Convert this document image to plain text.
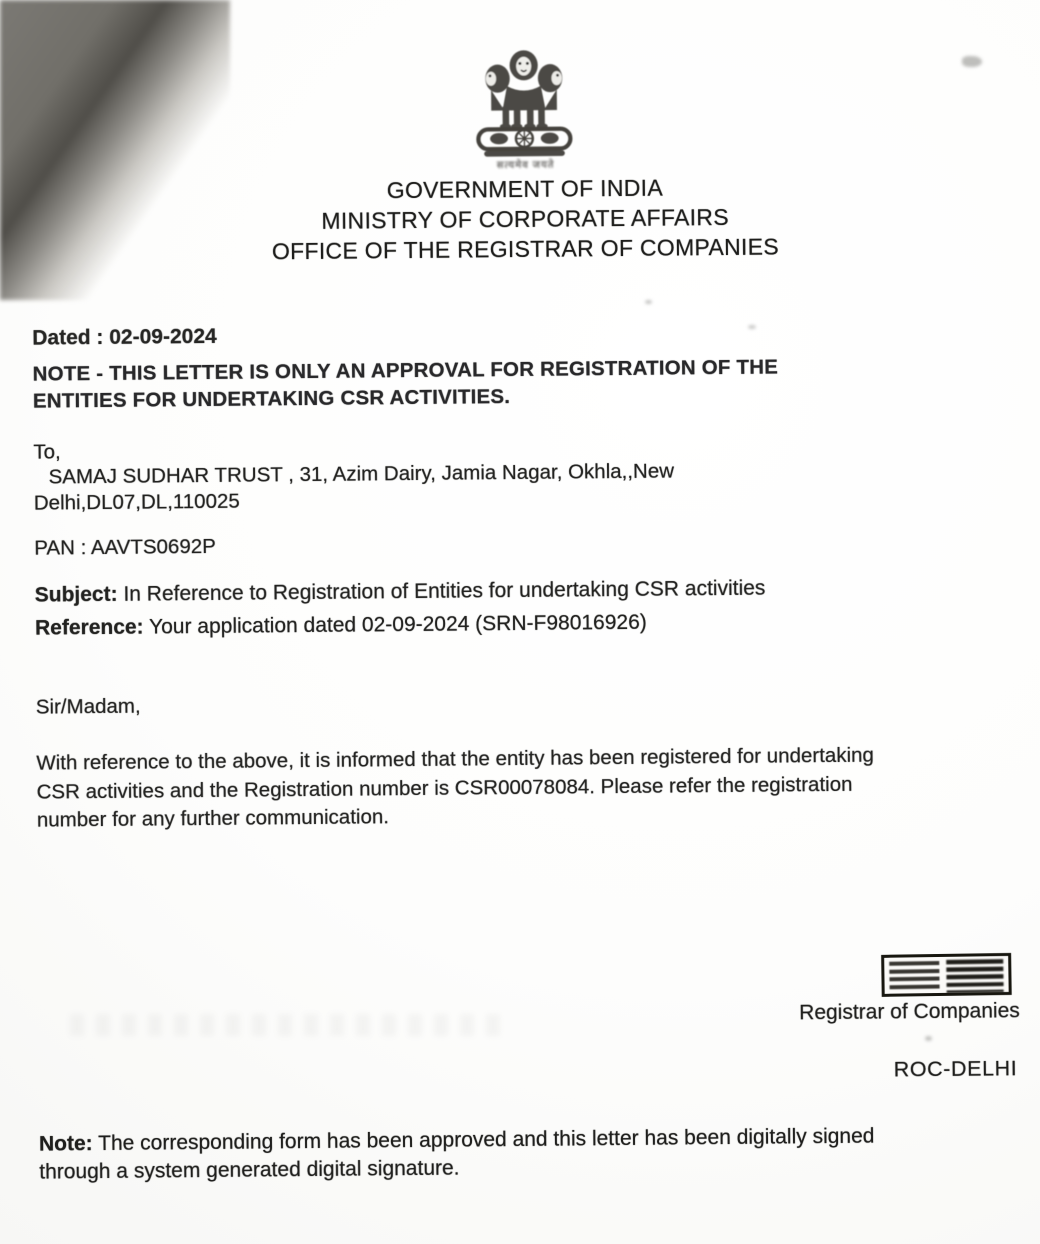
सत्यमेव जयते
GOVERNMENT OF INDIA
MINISTRY OF CORPORATE AFFAIRS
OFFICE OF THE REGISTRAR OF COMPANIES
Dated : 02-09-2024
NOTE - THIS LETTER IS ONLY AN APPROVAL FOR REGISTRATION OF THE
ENTITIES FOR UNDERTAKING CSR ACTIVITIES.
To,
SAMAJ SUDHAR TRUST , 31, Azim Dairy, Jamia Nagar, Okhla,,New
Delhi,DL07,DL,110025
PAN : AAVTS0692P
Subject: In Reference to Registration of Entities for undertaking CSR activities
Reference: Your application dated 02-09-2024 (SRN-F98016926)
Sir/Madam,
With reference to the above, it is informed that the entity has been registered for undertaking
CSR activities and the Registration number is CSR00078084. Please refer the registration
number for any further communication.
Registrar of Companies
ROC-DELHI
Note: The corresponding form has been approved and this letter has been digitally signed
through a system generated digital signature.
